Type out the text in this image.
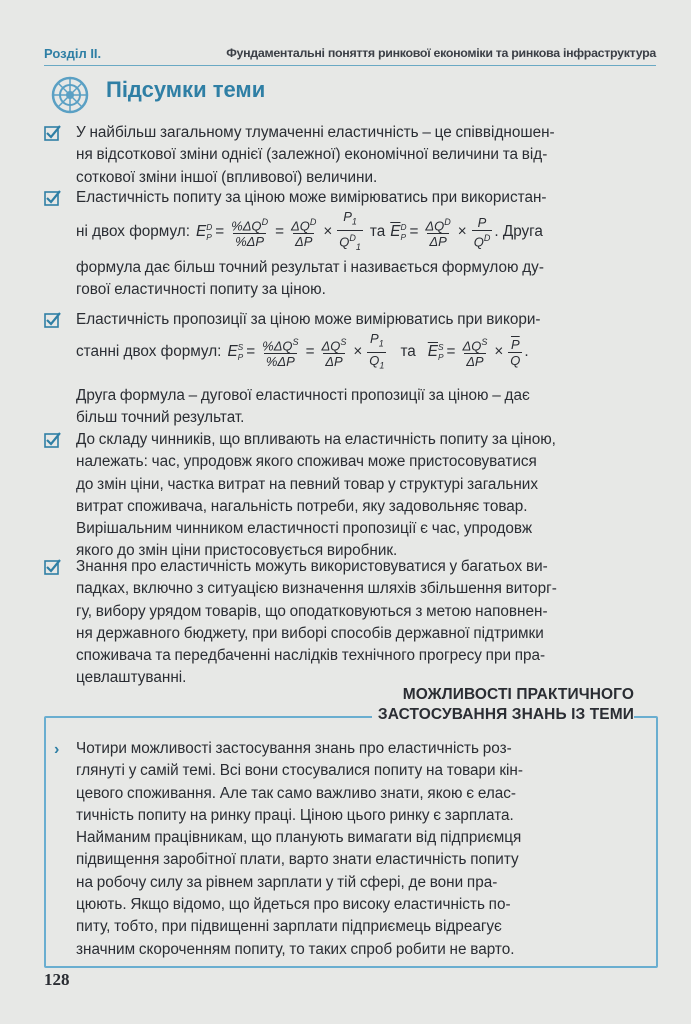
Розділ ІІ.	Фундаментальні поняття ринкової економіки та ринкова інфраструктура
Підсумки теми

У найбільш загальному тлумаченні еластичність – це співвідношен-

ня відсоткової зміни однієї (залежної) економічної величини та від-

соткової зміни іншої (впливової) величини.

Еластичність попиту за ціною може вимірюватись при використан-

ні двох формул: E D
$P = \%\Delta Q^D$
%ΔP
= $\Delta Q^D$
ΔP
× $\frac{P_1}{Q^D_1}$ та $\overline{E}$ D
$P = \Delta Q^D$
ΔP
× $\frac{P}{Q^D}$ . Друга

формула дає більш точний результат і називається формулою ду-

гової еластичності попиту за ціною.

Еластичність пропозиції за ціною може вимірюватись при викори-

станні двох формул: E S
$P = \%\Delta Q^S$
%ΔP
= $\Delta Q^S$
ΔP
× $\frac{P_1}{Q_1}$ та $\overline{E}$ S
$P = \Delta Q^S$
ΔP
× $\frac{\overline{P}}{Q}$ .

Друга формула – дугової еластичності пропозиції за ціною – дає

більш точний результат.

До складу чинників, що впливають на еластичність попиту за ціною,

належать: час, упродовж якого споживач може пристосовуватися

до змін ціни, частка витрат на певний товар у структурі загальних

витрат споживача, нагальність потреби, яку задовольняє товар.

Вирішальним чинником еластичності пропозиції є час, упродовж

якого до змін ціни пристосовується виробник.

Знання про еластичність можуть використовуватися у багатьох ви-

падках, включно з ситуацією визначення шляхів збільшення виторг-

гу, вибору урядом товарів, що оподатковуються з метою наповнен-

ня державного бюджету, при виборі способів державної підтримки

споживача та передбаченні наслідків технічного прогресу при пра-

цевлаштуванні.

МОЖЛИВОСТІ ПРАКТИЧНОГО
ЗАСТОСУВАННЯ ЗНАНЬ ІЗ ТЕМИ
› Чотири можливості застосування знань про еластичність роз-

глянуті у самій темі. Всі вони стосувалися попиту на товари кін-

цевого споживання. Але так само важливо знати, якою є елас-

тичність попиту на ринку праці. Ціною цього ринку є зарплата.

Найманим працівникам, що планують вимагати від підприємця

підвищення заробітної плати, варто знати еластичність попиту

на робочу силу за рівнем зарплати у тій сфері, де вони пра-

цюють. Якщо відомо, що йдеться про високу еластичність по-

питу, тобто, при підвищенні зарплати підприємець відреагує

значним скороченням попиту, то таких спроб робити не варто.

128
